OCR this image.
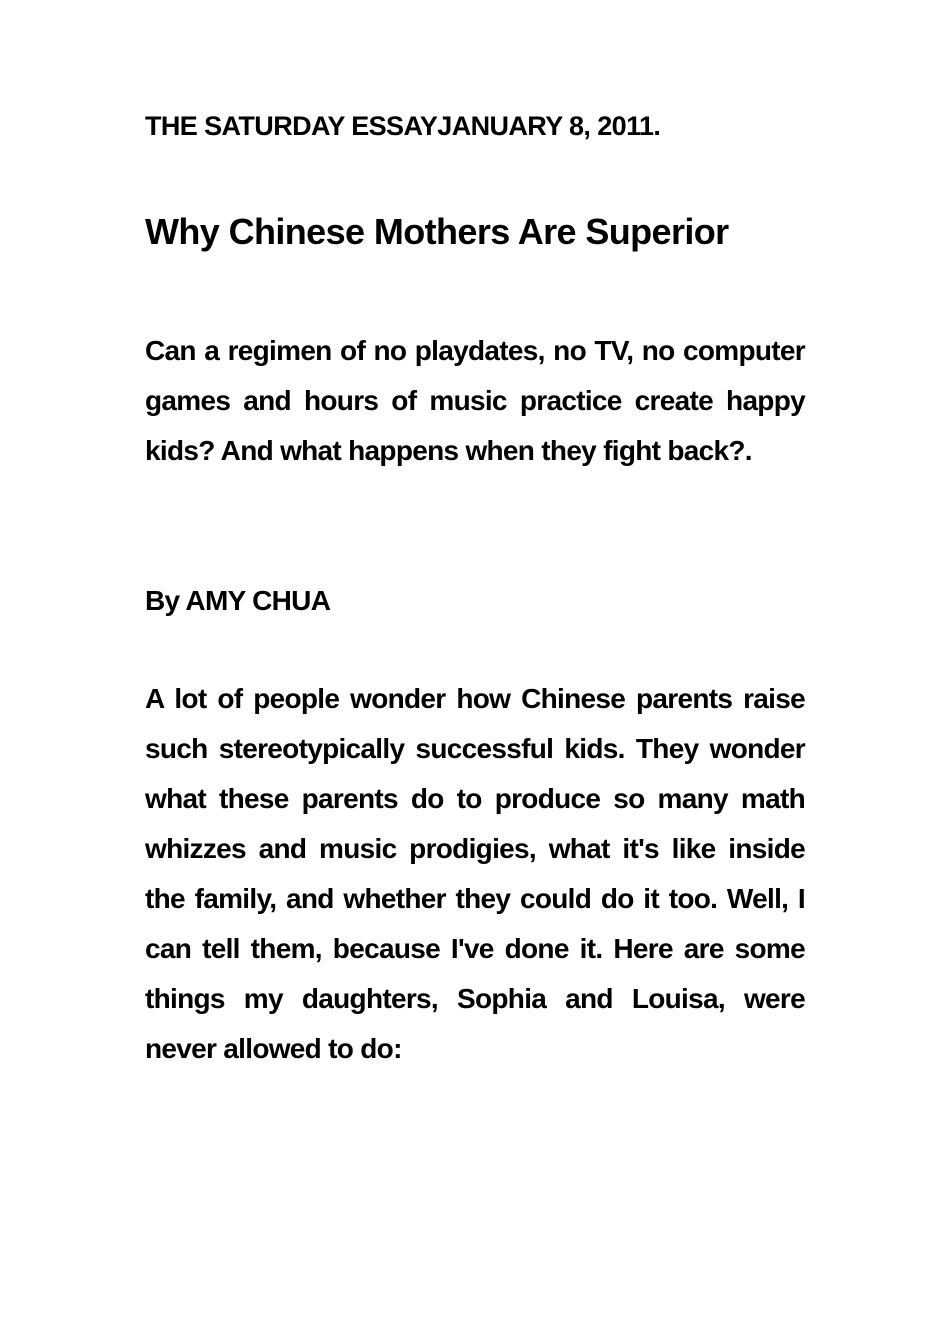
THE SATURDAY ESSAYJANUARY 8, 2011.

Why Chinese Mothers Are Superior

Can a regimen of no playdates, no TV, no computer games and hours of music practice create happy kids? And what happens when they fight back?.

By AMY CHUA

A lot of people wonder how Chinese parents raise such stereotypically successful kids. They wonder what these parents do to produce so many math whizzes and music prodigies, what it's like inside the family, and whether they could do it too. Well, I can tell them, because I've done it. Here are some things my daughters, Sophia and Louisa, were never allowed to do:
